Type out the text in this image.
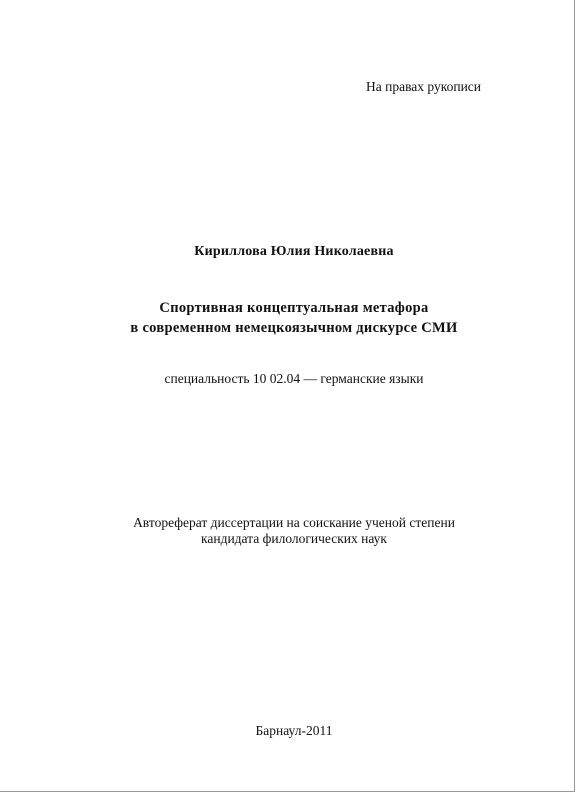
На правах рукописи
Кириллова Юлия Николаевна
Спортивная концептуальная метафора
в современном немецкоязычном дискурсе СМИ
специальность 10 02.04 — германские языки
Автореферат диссертации на соискание ученой степени
кандидата филологических наук
Барнаул-2011
